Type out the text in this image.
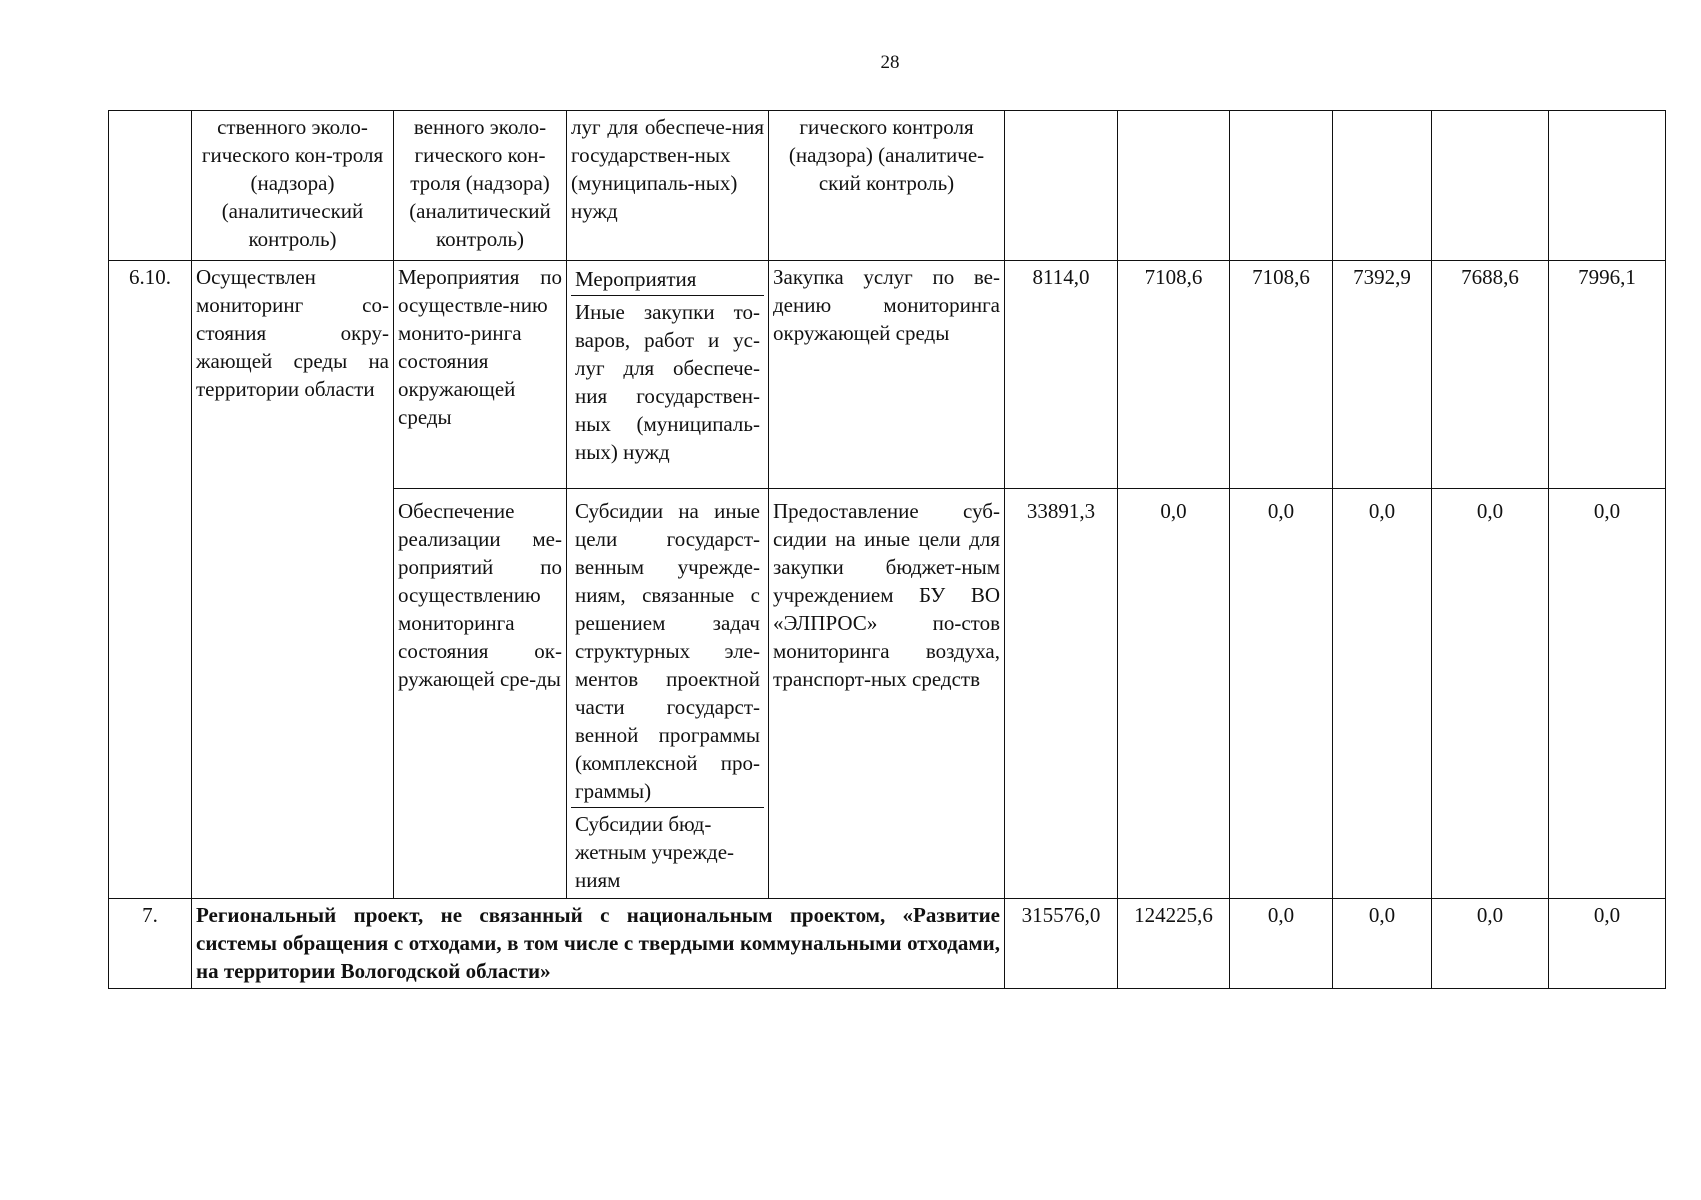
28
	ственного эколо-гического кон-троля (надзора) (аналитический контроль)	венного эколо-гического кон-троля (надзора) (аналитический контроль)	луг для обеспече-ния государствен-ных (муниципаль-ных) нужд	гического контроля (надзора) (аналитиче-ский контроль)						
6.10.	Осуществлен мониторинг со-стояния окру-жающей среды на территории области	Мероприятия по осуществле-нию монито-ринга состояния окружающей среды	Мероприятия
Иные закупки то-варов, работ и ус-луг для обеспече-ния государствен-ных (муниципаль-ных) нужд	Закупка услуг по ве-дению мониторинга окружающей среды	8114,0	7108,6	7108,6	7392,9	7688,6	7996,1
		Обеспечение реализации ме-роприятий по осуществлению мониторинга состояния ок-ружающей сре-ды	Субсидии на иные цели государст-венным учрежде-ниям, связанные с решением задач структурных эле-ментов проектной части государст-венной программы (комплексной про-граммы)
Субсидии бюд-жетным учрежде-ниям	Предоставление суб-сидии на иные цели для закупки бюджет-ным учреждением БУ ВО «ЭЛПРОС» по-стов мониторинга воздуха, транспорт-ных средств	33891,3	0,0	0,0	0,0	0,0	0,0
7.	Региональный проект, не связанный с национальным проектом, «Развитие системы обращения с отходами, в том числе с твердыми коммунальными отходами, на территории Вологодской области»				315576,0	124225,6	0,0	0,0	0,0	0,0
